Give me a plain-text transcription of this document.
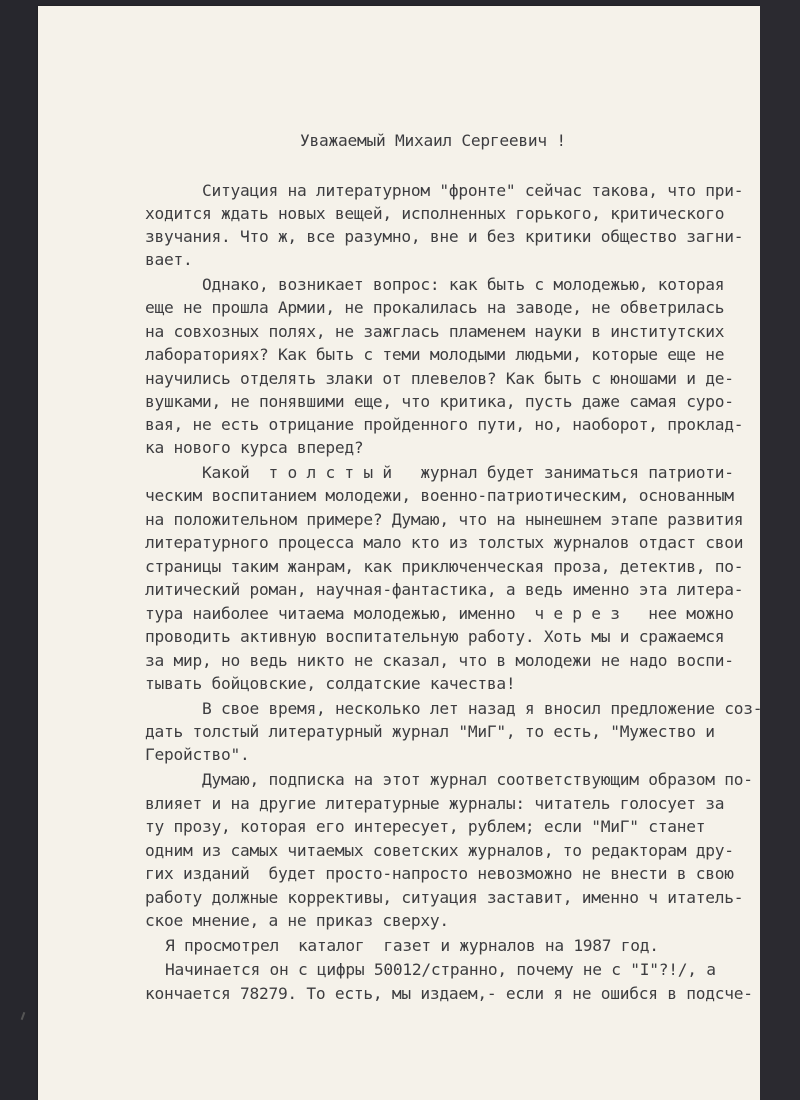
Уважаемый Михаил Сергеевич !

Ситуация на литературном "фронте" сейчас такова, что при-

ходится ждать новых вещей, исполненных горького, критического

звучания. Что ж, все разумно, вне и без критики общество загни-

вает.

Однако, возникает вопрос: как быть с молодежью, которая

еще не прошла Армии, не прокалилась на заводе, не обветрилась

на совхозных полях, не зажглась пламенем науки в институтских

лабораториях? Как быть с теми молодыми людьми, которые еще не

научились отделять злаки от плевелов? Как быть с юношами и де-

вушками, не понявшими еще, что критика, пусть даже самая суро-

вая, не есть отрицание пройденного пути, но, наоборот, проклад-

ка нового курса вперед?

Какой  т о л с т ы й   журнал будет заниматься патриоти-

ческим воспитанием молодежи, военно-патриотическим, основанным

на положительном примере? Думаю, что на нынешнем этапе развития

литературного процесса мало кто из толстых журналов отдаст свои

страницы таким жанрам, как приключенческая проза, детектив, по-

литический роман, научная-фантастика, а ведь именно эта литера-

тура наиболее читаема молодежью, именно  ч е р е з   нее можно

проводить активную воспитательную работу. Хоть мы и сражаемся

за мир, но ведь никто не сказал, что в молодежи не надо воспи-

тывать бойцовские, солдатские качества!

В свое время, несколько лет назад я вносил предложение соз-

дать толстый литературный журнал "МиГ", то есть, "Мужество и

Геройство".

Думаю, подписка на этот журнал соответствующим образом по-

влияет и на другие литературные журналы: читатель голосует за

ту прозу, которая его интересует, рублем; если "МиГ" станет

одним из самых читаемых советских журналов, то редакторам дру-

гих изданий  будет просто-напросто невозможно не внести в свою

работу должные коррективы, ситуация заставит, именно ч итатель-

ское мнение, а не приказ сверху.

Я просмотрел  каталог  газет и журналов на 1987 год.

Начинается он с цифры 50012/странно, почему не с "I"?!/, а

кончается 78279. То есть, мы издаем,- если я не ошибся в подсче-
